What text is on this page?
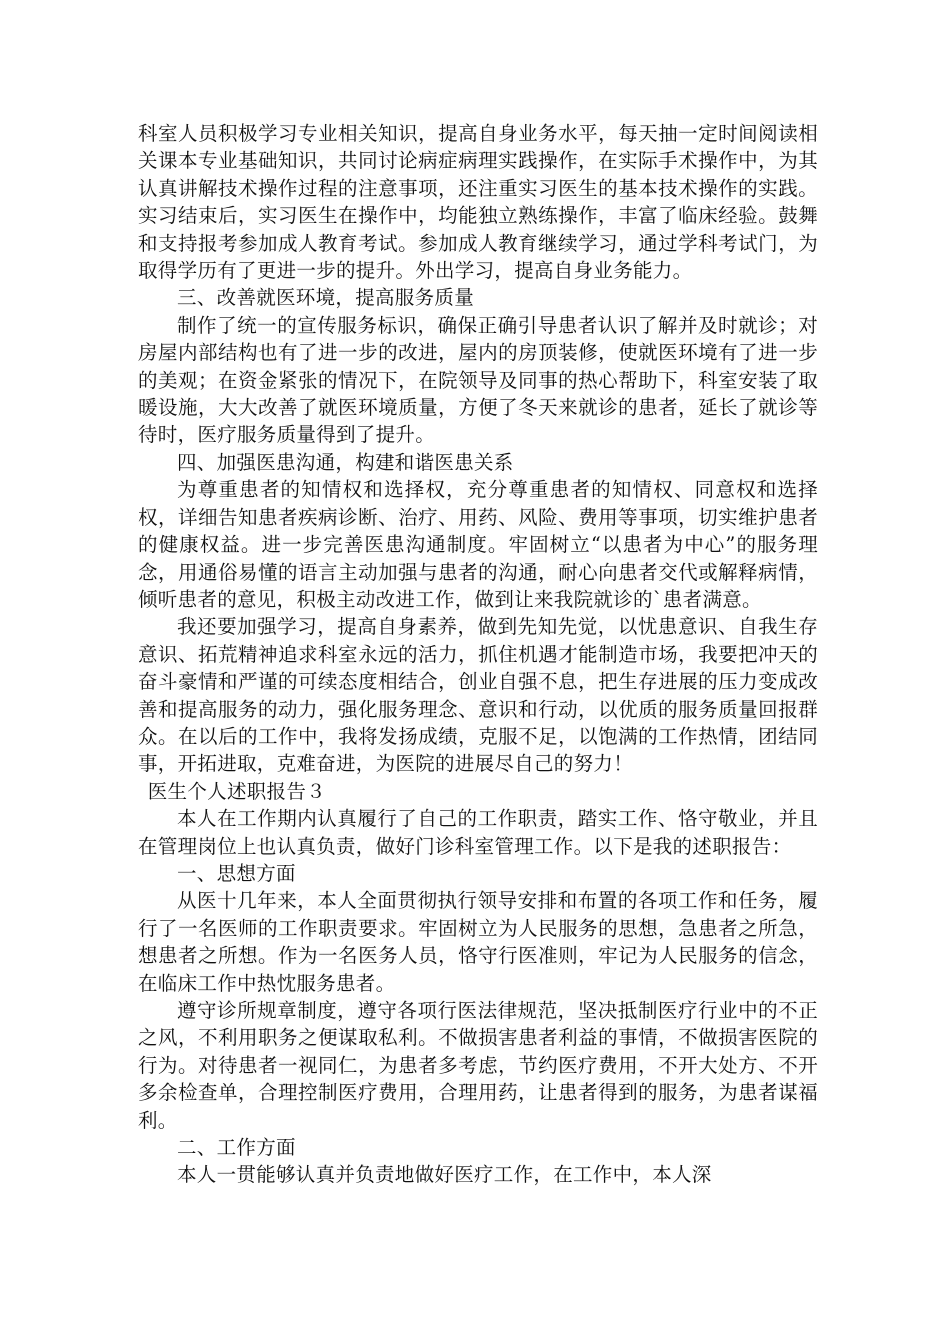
科室人员积极学习专业相关知识，提高自身业务水平，每天抽一定时间阅读相关课本专业基础知识，共同讨论病症病理实践操作，在实际手术操作中，为其认真讲解技术操作过程的注意事项，还注重实习医生的基本技术操作的实践。实习结束后，实习医生在操作中，均能独立熟练操作，丰富了临床经验。鼓舞和支持报考参加成人教育考试。参加成人教育继续学习，通过学科考试门，为取得学历有了更进一步的提升。外出学习，提高自身业务能力。

三、改善就医环境，提高服务质量

制作了统一的宣传服务标识，确保正确引导患者认识了解并及时就诊；对房屋内部结构也有了进一步的改进，屋内的房顶装修，使就医环境有了进一步的美观；在资金紧张的情况下，在院领导及同事的热心帮助下，科室安装了取暖设施，大大改善了就医环境质量，方便了冬天来就诊的患者，延长了就诊等待时，医疗服务质量得到了提升。

四、加强医患沟通，构建和谐医患关系

为尊重患者的知情权和选择权，充分尊重患者的知情权、同意权和选择权，详细告知患者疾病诊断、治疗、用药、风险、费用等事项，切实维护患者的健康权益。进一步完善医患沟通制度。牢固树立“以患者为中心”的服务理念，用通俗易懂的语言主动加强与患者的沟通，耐心向患者交代或解释病情，倾听患者的意见，积极主动改进工作，做到让来我院就诊的`患者满意。

我还要加强学习，提高自身素养，做到先知先觉，以忧患意识、自我生存意识、拓荒精神追求科室永远的活力，抓住机遇才能制造市场，我要把冲天的奋斗豪情和严谨的可续态度相结合，创业自强不息，把生存进展的压力变成改善和提高服务的动力，强化服务理念、意识和行动，以优质的服务质量回报群众。在以后的工作中，我将发扬成绩，克服不足，以饱满的工作热情，团结同事，开拓进取，克难奋进，为医院的进展尽自己的努力！

医生个人述职报告３

本人在工作期内认真履行了自己的工作职责，踏实工作、恪守敬业，并且在管理岗位上也认真负责，做好门诊科室管理工作。以下是我的述职报告：

一、思想方面

从医十几年来，本人全面贯彻执行领导安排和布置的各项工作和任务，履行了一名医师的工作职责要求。牢固树立为人民服务的思想，急患者之所急，想患者之所想。作为一名医务人员，恪守行医准则，牢记为人民服务的信念，在临床工作中热忱服务患者。

遵守诊所规章制度，遵守各项行医法律规范，坚决抵制医疗行业中的不正之风，不利用职务之便谋取私利。不做损害患者利益的事情，不做损害医院的行为。对待患者一视同仁，为患者多考虑，节约医疗费用，不开大处方、不开多余检查单，合理控制医疗费用，合理用药，让患者得到的服务，为患者谋福利。

二、工作方面

本人一贯能够认真并负责地做好医疗工作，在工作中，本人深
